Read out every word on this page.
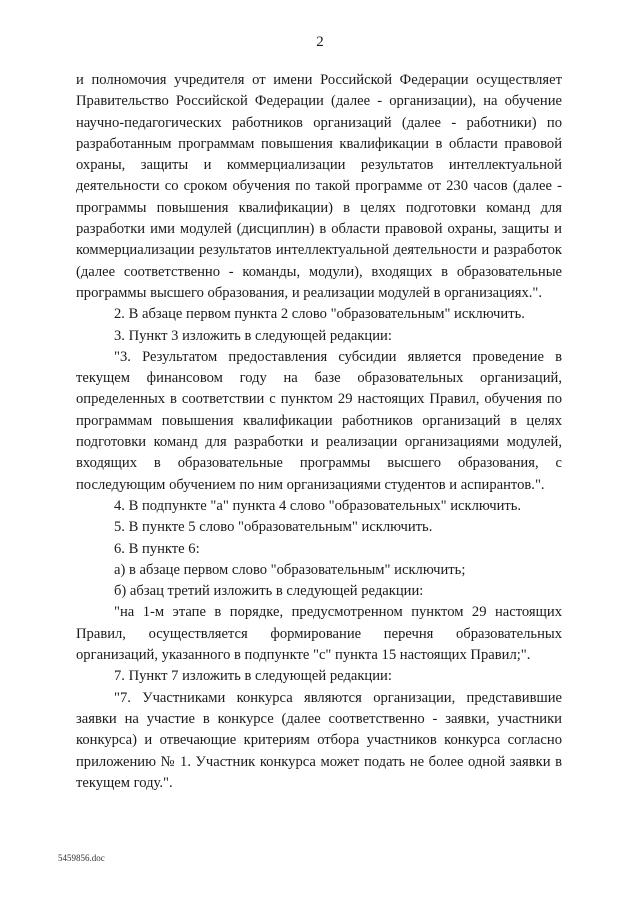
2

и полномочия учредителя от имени Российской Федерации осуществляет Правительство Российской Федерации (далее - организации), на обучение научно-педагогических работников организаций (далее - работники) по разработанным программам повышения квалификации в области правовой охраны, защиты и коммерциализации результатов интеллектуальной деятельности со сроком обучения по такой программе от 230 часов (далее - программы повышения квалификации) в целях подготовки команд для разработки ими модулей (дисциплин) в области правовой охраны, защиты и коммерциализации результатов интеллектуальной деятельности и разработок (далее соответственно - команды, модули), входящих в образовательные программы высшего образования, и реализации модулей в организациях.".

2. В абзаце первом пункта 2 слово "образовательным" исключить.

3. Пункт 3 изложить в следующей редакции:

"3. Результатом предоставления субсидии является проведение в текущем финансовом году на базе образовательных организаций, определенных в соответствии с пунктом 29 настоящих Правил, обучения по программам повышения квалификации работников организаций в целях подготовки команд для разработки и реализации организациями модулей, входящих в образовательные программы высшего образования, с последующим обучением по ним организациями студентов и аспирантов.".

4. В подпункте "а" пункта 4 слово "образовательных" исключить.

5. В пункте 5 слово "образовательным" исключить.

6. В пункте 6:

а) в абзаце первом слово "образовательным" исключить;

б) абзац третий изложить в следующей редакции:

"на 1-м этапе в порядке, предусмотренном пунктом 29 настоящих Правил, осуществляется формирование перечня образовательных организаций, указанного в подпункте "с" пункта 15 настоящих Правил;".

7. Пункт 7 изложить в следующей редакции:

"7. Участниками конкурса являются организации, представившие заявки на участие в конкурсе (далее соответственно - заявки, участники конкурса) и отвечающие критериям отбора участников конкурса согласно приложению № 1. Участник конкурса может подать не более одной заявки в текущем году.".

5459856.doc
